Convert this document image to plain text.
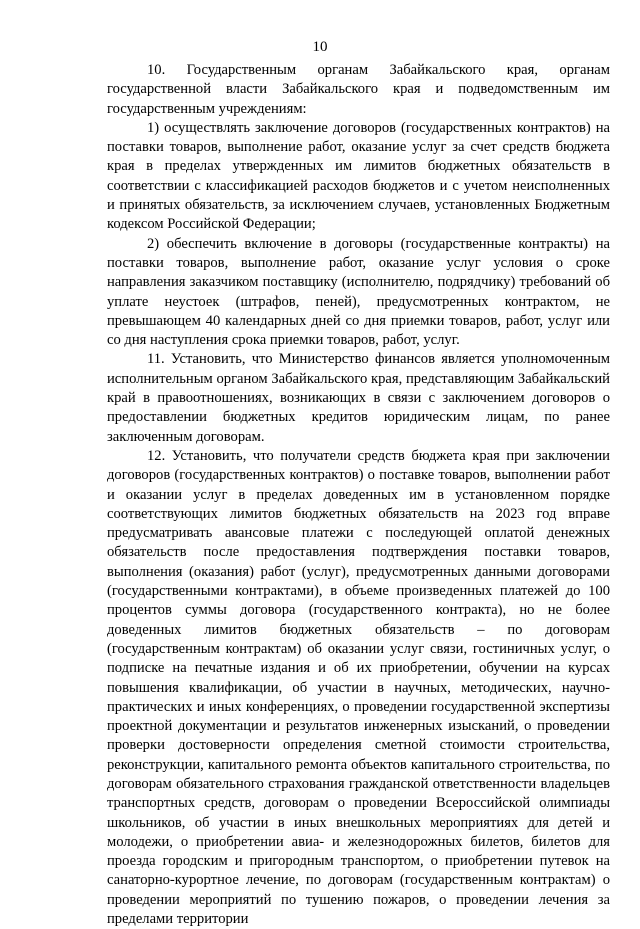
10

10. Государственным органам Забайкальского края, органам государственной власти Забайкальского края и подведомственным им государственным учреждениям:

1) осуществлять заключение договоров (государственных контрактов) на поставки товаров, выполнение работ, оказание услуг за счет средств бюджета края в пределах утвержденных им лимитов бюджетных обязательств в соответствии с классификацией расходов бюджетов и с учетом неисполненных и принятых обязательств, за исключением случаев, установленных Бюджетным кодексом Российской Федерации;

2) обеспечить включение в договоры (государственные контракты) на поставки товаров, выполнение работ, оказание услуг условия о сроке направления заказчиком поставщику (исполнителю, подрядчику) требований об уплате неустоек (штрафов, пеней), предусмотренных контрактом, не превышающем 40 календарных дней со дня приемки товаров, работ, услуг или со дня наступления срока приемки товаров, работ, услуг.

11. Установить, что Министерство финансов является уполномоченным исполнительным органом Забайкальского края, представляющим Забайкальский край в правоотношениях, возникающих в связи с заключением договоров о предоставлении бюджетных кредитов юридическим лицам, по ранее заключенным договорам.

12. Установить, что получатели средств бюджета края при заключении договоров (государственных контрактов) о поставке товаров, выполнении работ и оказании услуг в пределах доведенных им в установленном порядке соответствующих лимитов бюджетных обязательств на 2023 год вправе предусматривать авансовые платежи с последующей оплатой денежных обязательств после предоставления подтверждения поставки товаров, выполнения (оказания) работ (услуг), предусмотренных данными договорами (государственными контрактами), в объеме произведенных платежей до 100 процентов суммы договора (государственного контракта), но не более доведенных лимитов бюджетных обязательств – по договорам (государственным контрактам) об оказании услуг связи, гостиничных услуг, о подписке на печатные издания и об их приобретении, обучении на курсах повышения квалификации, об участии в научных, методических, научно-практических и иных конференциях, о проведении государственной экспертизы проектной документации и результатов инженерных изысканий, о проведении проверки достоверности определения сметной стоимости строительства, реконструкции, капитального ремонта объектов капитального строительства, по договорам обязательного страхования гражданской ответственности владельцев транспортных средств, договорам о проведении Всероссийской олимпиады школьников, об участии в иных внешкольных мероприятиях для детей и молодежи, о приобретении авиа- и железнодорожных билетов, билетов для проезда городским и пригородным транспортом, о приобретении путевок на санаторно-курортное лечение, по договорам (государственным контрактам) о проведении мероприятий по тушению пожаров, о проведении лечения за пределами территории
